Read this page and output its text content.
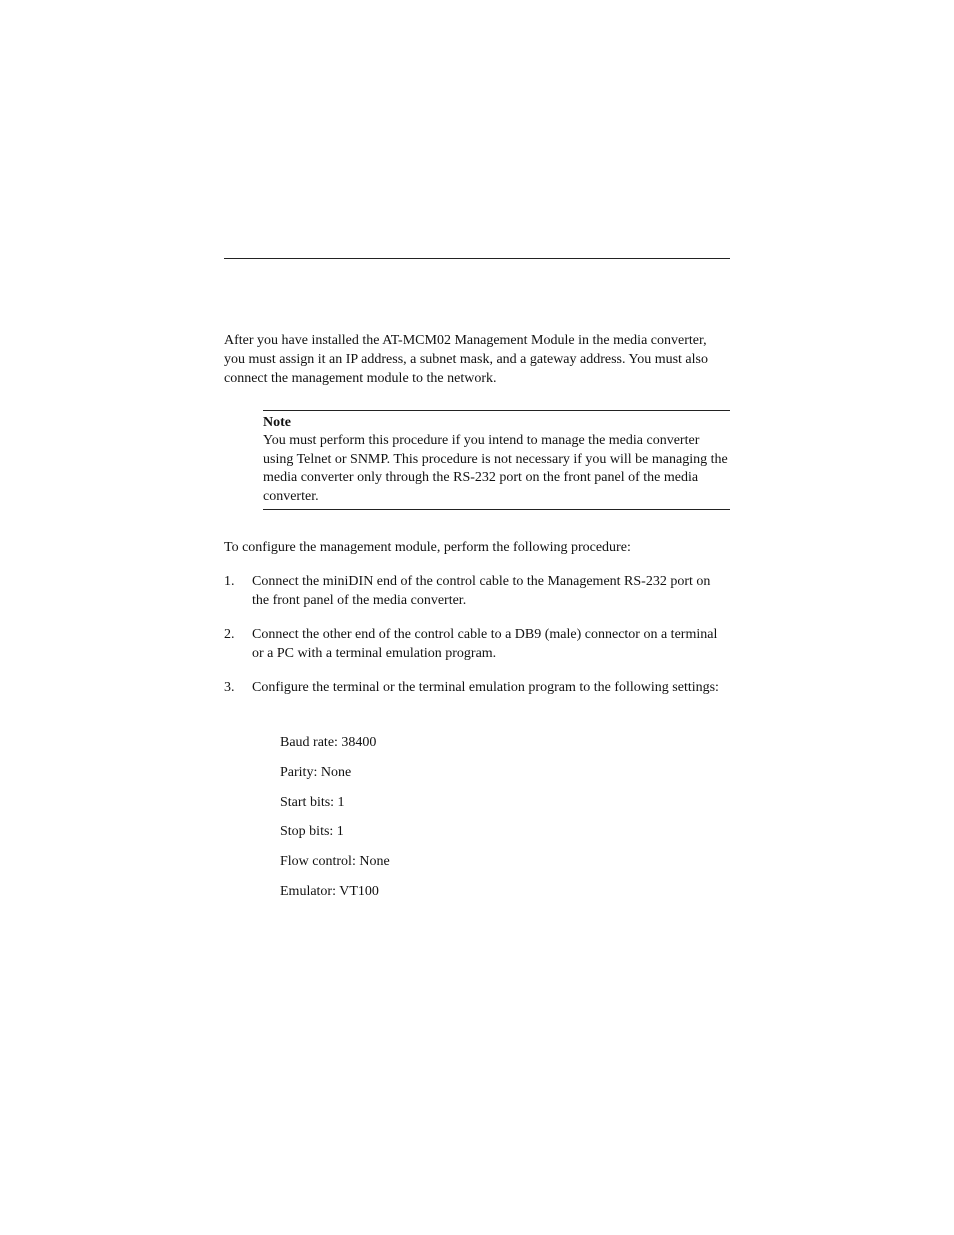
After you have installed the AT-MCM02 Management Module in the media converter, you must assign it an IP address, a subnet mask, and a gateway address. You must also connect the management module to the network.

Note

You must perform this procedure if you intend to manage the media converter using Telnet or SNMP. This procedure is not necessary if you will be managing the media converter only through the RS-232 port on the front panel of the media converter.

To configure the management module, perform the following procedure:

1.	Connect the miniDIN end of the control cable to the Management RS-232 port on the front panel of the media converter.
2.	Connect the other end of the control cable to a DB9 (male) connector on a terminal or a PC with a terminal emulation program.
3.	Configure the terminal or the terminal emulation program to the following settings:
Baud rate: 38400
Parity: None
Start bits: 1
Stop bits: 1
Flow control: None
Emulator: VT100
